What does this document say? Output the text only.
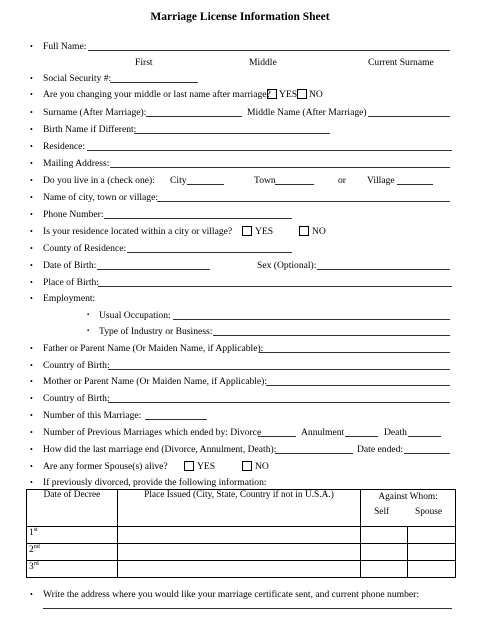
Marriage License Information Sheet
• Full Name:
First	Middle	Current Surname
• Social Security #:
• Are you changing your middle or last name after marriage? YES NO
• Surname (After Marriage):	Middle Name (After Marriage)
• Birth Name if Different:
• Residence:
• Mailing Address:
• Do you live in a (check one): City	Town	or Village
• Name of city, town or village:
• Phone Number:
• Is your residence located within a city or village? YES	NO
• County of Residence:
• Date of Birth:	Sex (Optional):
• Place of Birth:
• Employment:
▪ Usual Occupation:
▪ Type of Industry or Business:
• Father or Parent Name (Or Maiden Name, if Applicable):
• Country of Birth:
• Mother or Parent Name (Or Maiden Name, if Applicable):
• Country of Birth:
• Number of this Marriage:
• Number of Previous Marriages which ended by: Divorce	Annulment	Death
• How did the last marriage end (Divorce, Annulment, Death):	Date ended:
• Are any former Spouse(s) alive?	YES	NO
• If previously divorced, provide the following information:
Date of Decree	Place Issued (City, State, Country if not in U.S.A.)	Against Whom:
Self Spouse	

1st			
2nd			
3rd			
• Write the address where you would like your marriage certificate sent, and current phone number:
